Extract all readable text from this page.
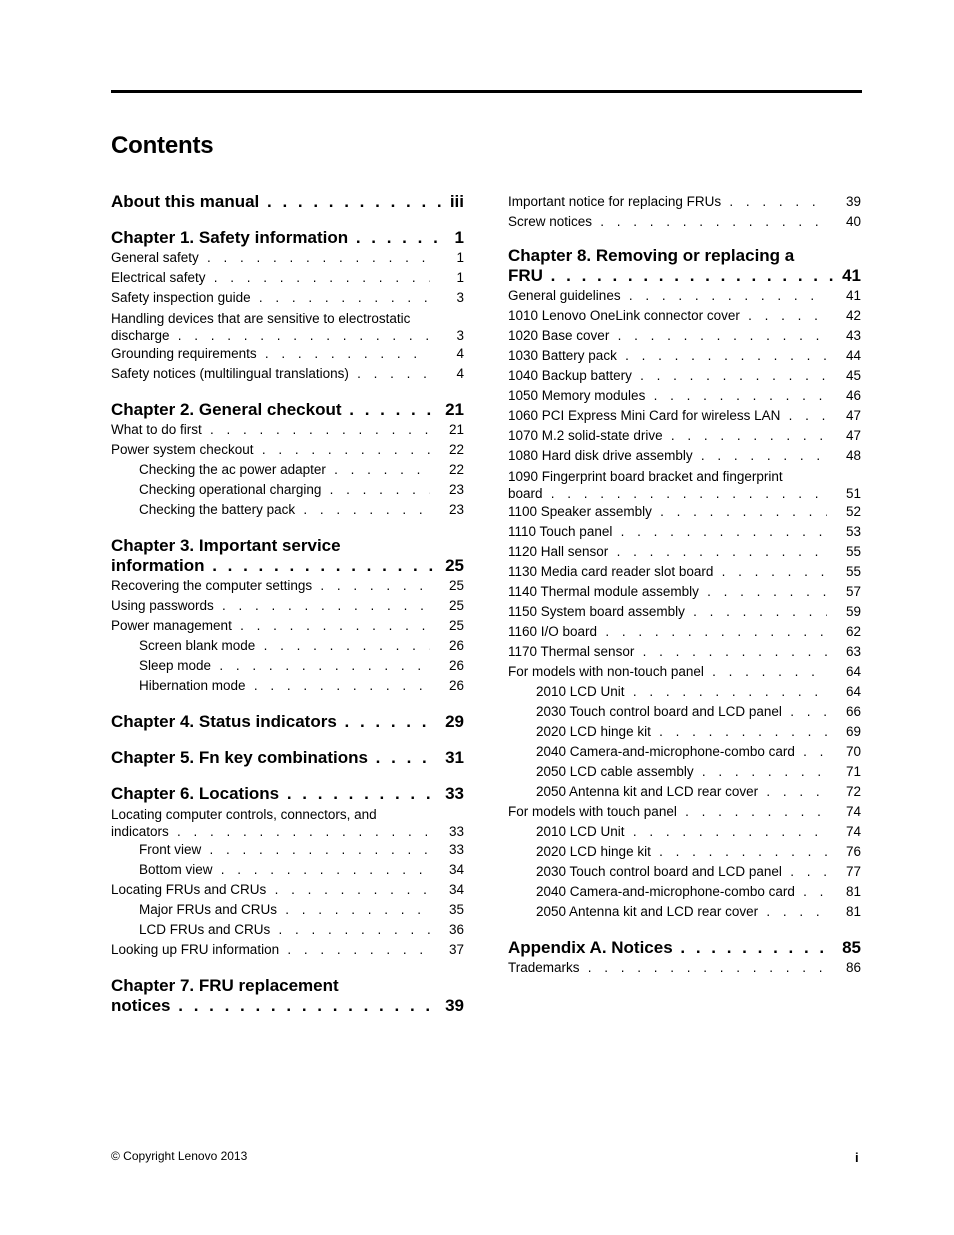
Contents
About this manual . . .	iii
Chapter 1. Safety information . . .	1
General safety . . .	1
Electrical safety . . .	1
Safety inspection guide . . .	3
Handling devices that are sensitive to electrostatic
discharge . . .	3
Grounding requirements . . .	4
Safety notices (multilingual translations) . . .	4
Chapter 2. General checkout . . .	21
What to do first . . .	21
Power system checkout . . .	22
Checking the ac power adapter . . .	22
Checking operational charging . . .	23
Checking the battery pack . . .	23
Chapter 3. Important service
information . . .	25
Recovering the computer settings . . .	25
Using passwords . . .	25
Power management . . .	25
Screen blank mode . . .	26
Sleep mode . . .	26
Hibernation mode . . .	26
Chapter 4. Status indicators . . .	29
Chapter 5. Fn key combinations . . .	31
Chapter 6. Locations . . .	33
Locating computer controls, connectors, and
indicators . . .	33
Front view . . .	33
Bottom view . . .	34
Locating FRUs and CRUs . . .	34
Major FRUs and CRUs . . .	35
LCD FRUs and CRUs . . .	36
Looking up FRU information . . .	37
Chapter 7. FRU replacement
notices . . .	39
Important notice for replacing FRUs . . .	39
Screw notices . . .	40
Chapter 8. Removing or replacing a
FRU . . .	41
General guidelines . . .	41
1010 Lenovo OneLink connector cover . . .	42
1020 Base cover . . .	43
1030 Battery pack . . .	44
1040 Backup battery . . .	45
1050 Memory modules . . .	46
1060 PCI Express Mini Card for wireless LAN . . .	47
1070 M.2 solid-state drive . . .	47
1080 Hard disk drive assembly . . .	48
1090 Fingerprint board bracket and fingerprint
board . . .	51
1100 Speaker assembly . . .	52
1110 Touch panel . . .	53
1120 Hall sensor . . .	55
1130 Media card reader slot board . . .	55
1140 Thermal module assembly . . .	57
1150 System board assembly . . .	59
1160 I/O board . . .	62
1170 Thermal sensor . . .	63
For models with non-touch panel . . .	64
2010 LCD Unit . . .	64
2030 Touch control board and LCD panel . . .	66
2020 LCD hinge kit . . .	69
2040 Camera-and-microphone-combo card . . .	70
2050 LCD cable assembly . . .	71
2050 Antenna kit and LCD rear cover . . .	72
For models with touch panel . . .	74
2010 LCD Unit . . .	74
2020 LCD hinge kit . . .	76
2030 Touch control board and LCD panel . . .	77
2040 Camera-and-microphone-combo card . . .	81
2050 Antenna kit and LCD rear cover . . .	81
Appendix A. Notices . . .	85
Trademarks . . .	86
© Copyright Lenovo 2013	i
